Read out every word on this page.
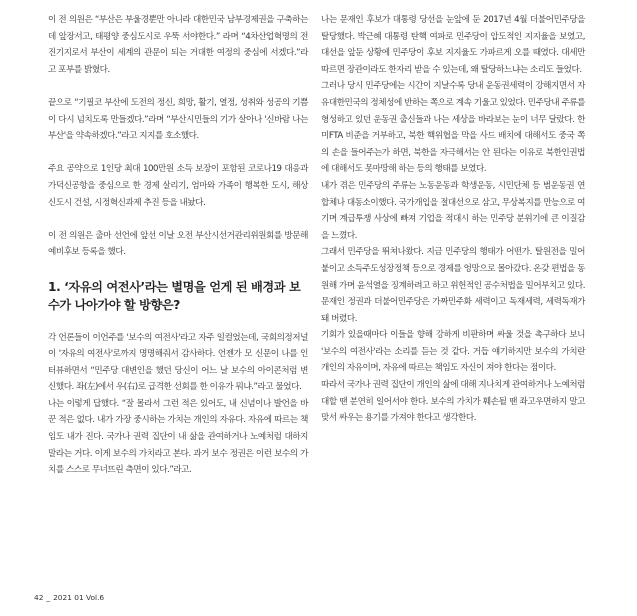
이 전 의원은 “부산은 부울경뿐만 아니라 대한민국 남부경제권을 구축하는 데 앞장서고, 태평양 중심도시로 우뚝 서야한다.” 라며 “4차산업혁명의 전진기지로서 부산이 세계의 관문이 되는 거대한 여정의 중심에 서겠다.”라고 포부를 밝혔다.

끝으로 “기필코 부산에 도전의 정신, 희망, 활기, 열정, 성취와 성공의 기쁨이 다시 넘치도록 만들겠다.”라며 “부산시민들의 기가 살아나 '신바람 나는 부산'을 약속하겠다.”라고 지지를 호소했다.

주요 공약으로 1인당 최대 100만원 소득 보장이 포함된 코로나19 대응과 가덕신공항을 중심으로 한 경제 살리기, 엄마와 가족이 행복한 도시, 해상신도시 건설, 시정혁신과제 추진 등을 내놨다.

이 전 의원은 출마 선언에 앞선 이날 오전 부산시선거관리위원회를 방문해 예비후보 등록을 했다.

1. ‘자유의 여전사’라는 별명을 얻게 된 배경과 보수가 나아가야 할 방향은?

각 언론들이 이언주를 '보수의 여전사'라고 자주 일컬었는데, 국회의정저널이 '자유의 여전사'로까지 명명해줘서 감사하다. 언젠가 모 신문이 나를 인터뷰하면서 “민주당 대변인을 했던 당신이 어느 날 보수의 아이콘처럼 변신했다. 좌(左)에서 우(右)로 급격한 선회를 한 이유가 뭐냐.”라고 물었다.

나는 이렇게 답했다. “잘 몰라서 그런 적은 있어도, 내 신념이나 발언을 바꾼 적은 없다. 내가 가장 중시하는 가치는 개인의 자유다. 자유에 따르는 책임도 내가 진다. 국가나 권력 집단이 내 삶을 관여하거나 노예처럼 대하지 말라는 거다. 이게 보수의 가치라고 본다. 과거 보수 정권은 이런 보수의 가치를 스스로 무너뜨린 측면이 있다.”라고.

나는 문재인 후보가 대통령 당선을 눈앞에 둔 2017년 4월 더불어민주당을 탈당했다. 박근혜 대통령 탄핵 여파로 민주당이 압도적인 지지율을 보였고, 대선을 앞둔 상황에 민주당이 후보 지지율도 가파르게 오를 때였다. 대세만 따르면 장관이라도 한자리 받을 수 있는데, 왜 탈당하느냐는 소리도 들었다.

그러나 당시 민주당에는 시간이 지날수록 당내 운동권세력이 강해지면서 자유대한민국의 정체성에 반하는 쪽으로 계속 기울고 있었다. 민주당내 주류를 형성하고 있던 운동권 출신들과 나는 세상을 바라보는 눈이 너무 달랐다. 한미FTA 비준을 거부하고, 북한 핵위협을 막을 사드 배치에 대해서도 중국 쪽의 손을 들어주는가 하면, 북한을 자극해서는 안 된다는 이유로 북한인권법에 대해서도 못마땅해 하는 등의 행태를 보였다.

내가 겪은 민주당의 주류는 노동운동과 학생운동, 시민단체 등 범운동권 연합체나 대동소이했다. 국가개입을 절대선으로 삼고, 무상복지를 만능으로 여기며 계급투쟁 사상에 빠져 기업을 적대시 하는 민주당 분위기에 큰 이질감을 느꼈다.

그래서 민주당을 뛰쳐나왔다. 지금 민주당의 행태가 어떤가. 탈원전을 밀어붙이고 소득주도성장정책 등으로 경제를 엉망으로 몰아갔다. 온갖 편법을 동원해 가며 윤석열을 징계하려고 하고 위헌적인 공수처법을 밀어부치고 있다. 문재인 정권과 더불어민주당은 가짜민주화 세력이고 독재세력, 세력독재가 돼 버렸다.

기회가 있을때마다 이들을 향해 강하게 비판하며 싸울 것을 촉구하다 보니 '보수의 여전사'라는 소리를 듣는 것 같다. 거듭 얘기하지만 보수의 가치란 개인의 자유이며, 자유에 따르는 책임도 자신이 져야 한다는 점이다.

따라서 국가나 권력 집단이 개인의 삶에 대해 지나치게 관여하거나 노예처럼 대할 땐 분연히 일어서야 한다. 보수의 가치가 훼손될 땐 좌고우면하지 말고 맞서 싸우는 용기를 가져야 한다고 생각한다.

42 _ 2021 01 Vol.6
